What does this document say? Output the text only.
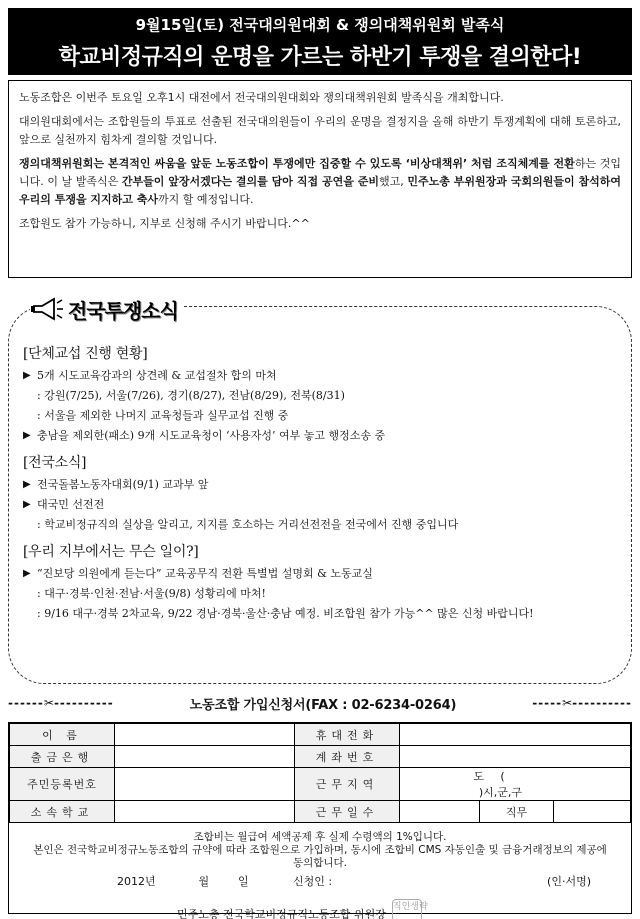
9월15일(토) 전국대의원대회 & 쟁의대책위원회 발족식
학교비정규직의 운명을 가르는 하반기 투쟁을 결의한다!

노동조합은 이번주 토요일 오후1시 대전에서 전국대의원대회와 쟁의대책위원회 발족식을 개최합니다.

대의원대회에서는 조합원들의 투표로 선출된 전국대의원들이 우리의 운명을 결정지을 올해 하반기 투쟁계획에 대해 토론하고, 앞으로 실천까지 힘차게 결의할 것입니다.

쟁의대책위원회는 본격적인 싸움을 앞둔 노동조합이 투쟁에만 집중할 수 있도록 ‘비상대책위’ 처럼 조직체계를 전환하는 것입니다. 이 날 발족식은 간부들이 앞장서겠다는 결의를 담아 직접 공연을 준비했고, 민주노총 부위원장과 국회의원들이 참석하여 우리의 투쟁을 지지하고 축사까지 할 예정입니다.

조합원도 참가 가능하니, 지부로 신청해 주시기 바랍니다.^^

전국투쟁소식
[단체교섭 진행 현황]
▶ 5개 시도교육감과의 상견례 & 교섭절차 합의 마쳐
: 강원(7/25), 서울(7/26), 경기(8/27), 전남(8/29), 전북(8/31)
: 서울을 제외한 나머지 교육청들과 실무교섭 진행 중
▶ 충남을 제외한(패소) 9개 시도교육청이 ‘사용자성’ 여부 놓고 행정소송 중
[전국소식]
▶ 전국돌봄노동자대회(9/1) 교과부 앞
▶ 대국민 선전전
: 학교비정규직의 실상을 알리고, 지지를 호소하는 거리선전전을 전국에서 진행 중입니다
[우리 지부에서는 무슨 일이?]
▶ “진보당 의원에게 듣는다” 교육공무직 전환 특별법 설명회 & 노동교실
: 대구·경북·인천·전남·서울(9/8) 성황리에 마쳐!
: 9/16 대구·경북 2차교육, 9/22 경남·경북·울산·충남 예정. 비조합원 참가 가능^^ 많은 신청 바랍니다!
------✂----------	노동조합 가입신청서(FAX : 02-6234-0264)	-----✂----------
이 름		휴대전화			
출금은행		계좌번호			
주민등록번호		근무지역	도 ( )시,군,구		
소속학교		근무일수		직무	
조합비는 월급여 세액공제 후 실제 수령액의 1%입니다.
본인은 전국학교비정규노동조합의 규약에 따라 조합원으로 가입하며, 동시에 조합비 CMS 자동인출 및 금융거래정보의 제공에 동의합니다.
2012년	월	일	신청인 :	(인·서명)
민주노총 전국학교비정규직노동조합 위원장
직인생략
